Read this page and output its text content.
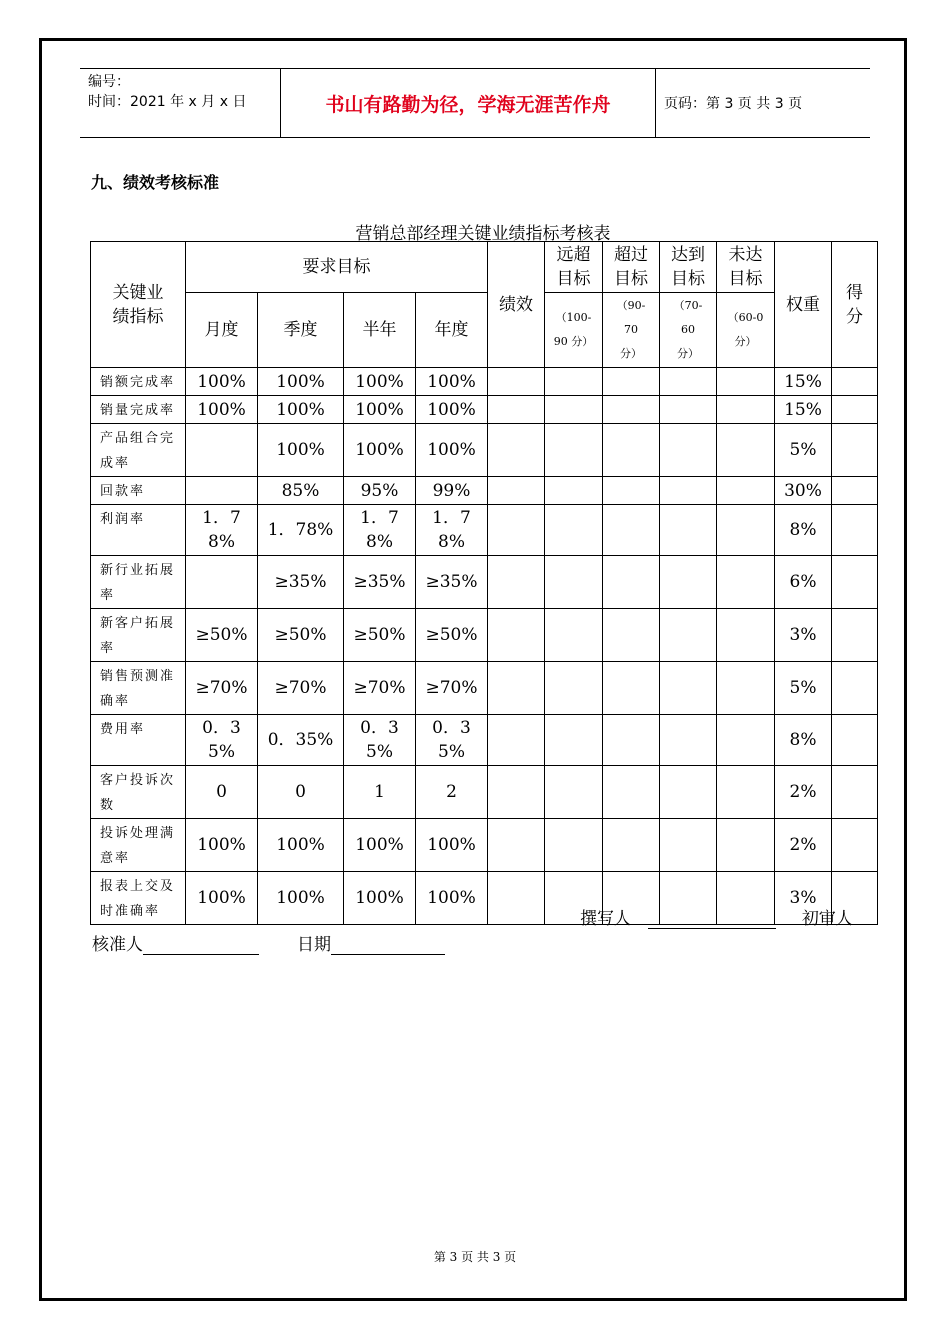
编号：
时间：2021 年 x 月 x 日	书山有路勤为径，学海无涯苦作舟	页码：第 3 页 共 3 页
九、绩效考核标准
营销总部经理关键业绩指标考核表
关键业绩指标	要求目标				绩效	远超目标	超过目标	达到目标	未达目标	权重	得分

	月度	季度	半年	年度		（100-90 分）	（90-70 分）	（70-60 分）	（60-0 分）		

销额完成率	100%	100%	100%	100%						15%	
销量完成率	100%	100%	100%	100%						15%	
产品组合完成率		100%	100%	100%						5%	
回款率		85%	95%	99%						30%	
利润率	1．78%	1．78%	1．78%	1．78%						8%	
新行业拓展率		≥35%	≥35%	≥35%						6%	
新客户拓展率	≥50%	≥50%	≥50%	≥50%						3%	
销售预测准确率	≥70%	≥70%	≥70%	≥70%						5%	
费用率	0．35%	0．35%	0．35%	0．35%						8%	
客户投诉次数	0	0	1	2						2%	
投诉处理满意率	100%	100%	100%	100%						2%	
报表上交及时准确率	100%	100%	100%	100%						3%	
撰写人	初审人
核准人	日期
第 3 页 共 3 页
